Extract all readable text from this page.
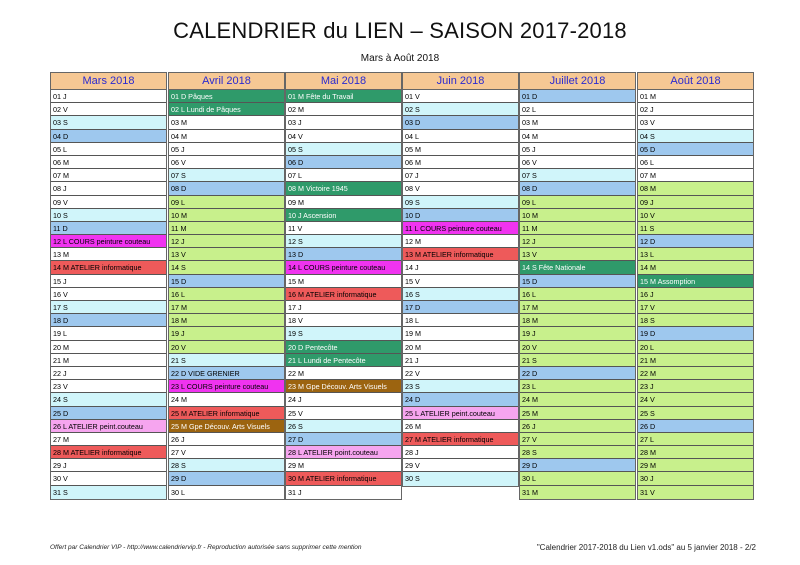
CALENDRIER du LIEN – SAISON 2017-2018
Mars à Août 2018
Mars 2018
01 J
02 V
03 S
04 D
05 L
06 M
07 M
08 J
09 V
10 S
11 D
12 L COURS peinture couteau
13 M
14 M ATELIER informatique
15 J
16 V
17 S
18 D
19 L
20 M
21 M
22 J
23 V
24 S
25 D
26 L ATELIER peint.couteau
27 M
28 M ATELIER informatique
29 J
30 V
31 S
Avril 2018
01 D Pâques
02 L Lundi de Pâques
03 M
04 M
05 J
06 V
07 S
08 D
09 L
10 M
11 M
12 J
13 V
14 S
15 D
16 L
17 M
18 M
19 J
20 V
21 S
22 D VIDE GRENIER
23 L COURS peinture couteau
24 M
25 M ATELIER informatique
25 M Gpe Découv. Arts Visuels
26 J
27 V
28 S
29 D
30 L
Mai 2018
01 M Fête du Travail
02 M
03 J
04 V
05 S
06 D
07 L
08 M Victoire 1945
09 M
10 J Ascension
11 V
12 S
13 D
14 L COURS peinture couteau
15 M
16 M ATELIER informatique
17 J
18 V
19 S
20 D Pentecôte
21 L Lundi de Pentecôte
22 M
23 M Gpe Découv. Arts Visuels
24 J
25 V
26 S
27 D
28 L ATELIER point.couteau
29 M
30 M ATELIER informatique
31 J
Juin 2018
01 V
02 S
03 D
04 L
05 M
06 M
07 J
08 V
09 S
10 D
11 L COURS peinture couteau
12 M
13 M ATELIER informatique
14 J
15 V
16 S
17 D
18 L
19 M
20 M
21 J
22 V
23 S
24 D
25 L ATELIER peint.couteau
26 M
27 M ATELIER informatique
28 J
29 V
30 S
Juillet 2018
01 D
02 L
03 M
04 M
05 J
06 V
07 S
08 D
09 L
10 M
11 M
12 J
13 V
14 S Fête Nationale
15 D
16 L
17 M
18 M
19 J
20 V
21 S
22 D
23 L
24 M
25 M
26 J
27 V
28 S
29 D
30 L
31 M
Août 2018
01 M
02 J
03 V
04 S
05 D
06 L
07 M
08 M
09 J
10 V
11 S
12 D
13 L
14 M
15 M Assomption
16 J
17 V
18 S
19 D
20 L
21 M
22 M
23 J
24 V
25 S
26 D
27 L
28 M
29 M
30 J
31 V
Offert par Calendrier VIP - http://www.calendriervip.fr - Reproduction autorisée sans supprimer cette mention	"Calendrier 2017-2018 du Lien v1.ods" au 5 janvier 2018 - 2/2
